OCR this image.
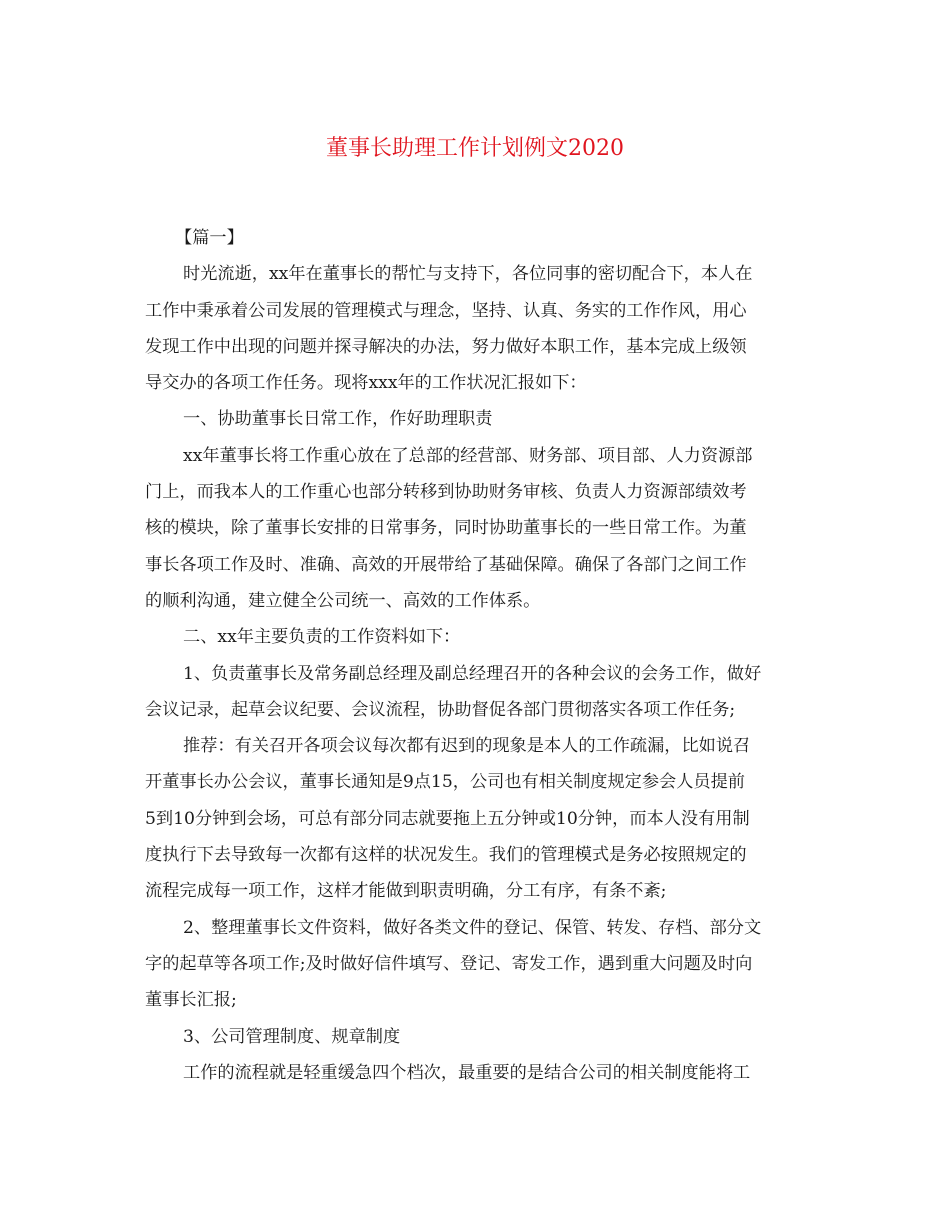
董事长助理工作计划例文2020
【篇一】
时光流逝，xx年在董事长的帮忙与支持下，各位同事的密切配合下，本人在
工作中秉承着公司发展的管理模式与理念，坚持、认真、务实的工作作风，用心
发现工作中出现的问题并探寻解决的办法，努力做好本职工作，基本完成上级领
导交办的各项工作任务。现将xxx年的工作状况汇报如下：
一、协助董事长日常工作，作好助理职责
xx年董事长将工作重心放在了总部的经营部、财务部、项目部、人力资源部
门上，而我本人的工作重心也部分转移到协助财务审核、负责人力资源部绩效考
核的模块，除了董事长安排的日常事务，同时协助董事长的一些日常工作。为董
事长各项工作及时、准确、高效的开展带给了基础保障。确保了各部门之间工作
的顺利沟通，建立健全公司统一、高效的工作体系。
二、xx年主要负责的工作资料如下：
1、负责董事长及常务副总经理及副总经理召开的各种会议的会务工作，做好
会议记录，起草会议纪要、会议流程，协助督促各部门贯彻落实各项工作任务;
推荐：有关召开各项会议每次都有迟到的现象是本人的工作疏漏，比如说召
开董事长办公会议，董事长通知是9点15，公司也有相关制度规定参会人员提前
5到10分钟到会场，可总有部分同志就要拖上五分钟或10分钟，而本人没有用制
度执行下去导致每一次都有这样的状况发生。我们的管理模式是务必按照规定的
流程完成每一项工作，这样才能做到职责明确，分工有序，有条不紊;
2、整理董事长文件资料，做好各类文件的登记、保管、转发、存档、部分文
字的起草等各项工作;及时做好信件填写、登记、寄发工作，遇到重大问题及时向
董事长汇报;
3、公司管理制度、规章制度
工作的流程就是轻重缓急四个档次，最重要的是结合公司的相关制度能将工
